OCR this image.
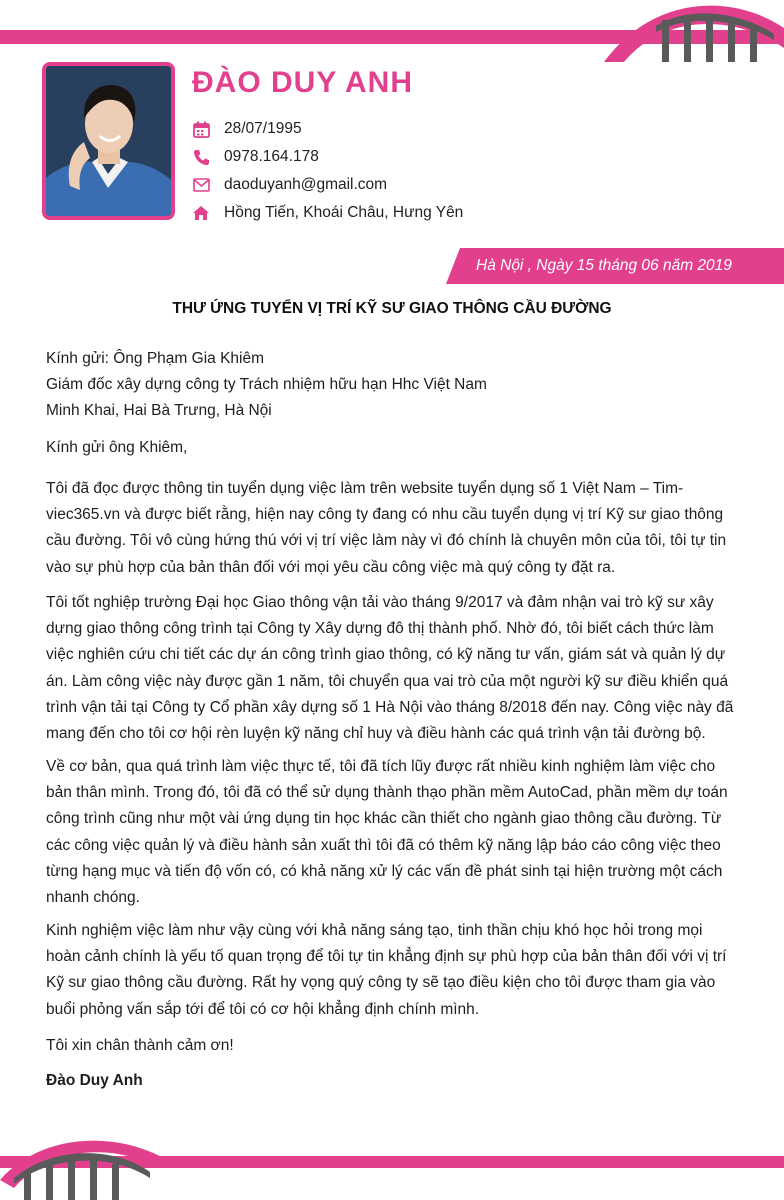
ĐÀO DUY ANH
28/07/1995
0978.164.178
daoduyanh@gmail.com
Hồng Tiến, Khoái Châu, Hưng Yên
Hà Nội , Ngày 15 tháng 06 năm 2019
THƯ ỨNG TUYỂN VỊ TRÍ KỸ SƯ GIAO THÔNG CẦU ĐƯỜNG
Kính gửi: Ông Phạm Gia Khiêm
Giám đốc xây dựng công ty Trách nhiệm hữu hạn Hhc Việt Nam
Minh Khai, Hai Bà Trưng, Hà Nội
Kính gửi ông Khiêm,
Tôi đã đọc được thông tin tuyển dụng việc làm trên website tuyển dụng số 1 Việt Nam – Tim-
viec365.vn và được biết rằng, hiện nay công ty đang có nhu cầu tuyển dụng vị trí Kỹ sư giao thông
cầu đường. Tôi vô cùng hứng thú với vị trí việc làm này vì đó chính là chuyên môn của tôi, tôi tự tin
vào sự phù hợp của bản thân đối với mọi yêu cầu công việc mà quý công ty đặt ra.
Tôi tốt nghiệp trường Đại học Giao thông vận tải vào tháng 9/2017 và đảm nhận vai trò kỹ sư xây
dựng giao thông công trình tại Công ty Xây dựng đô thị thành phố. Nhờ đó, tôi biết cách thức làm
việc nghiên cứu chi tiết các dự án công trình giao thông, có kỹ năng tư vấn, giám sát và quản lý dự
án. Làm công việc này được gần 1 năm, tôi chuyển qua vai trò của một người kỹ sư điều khiển quá
trình vận tải tại Công ty Cổ phần xây dựng số 1 Hà Nội vào tháng 8/2018 đến nay. Công việc này đã
mang đến cho tôi cơ hội rèn luyện kỹ năng chỉ huy và điều hành các quá trình vận tải đường bộ.
Về cơ bản, qua quá trình làm việc thực tế, tôi đã tích lũy được rất nhiều kinh nghiệm làm việc cho
bản thân mình. Trong đó, tôi đã có thể sử dụng thành thạo phần mềm AutoCad, phần mềm dự toán
công trình cũng như một vài ứng dụng tin học khác cần thiết cho ngành giao thông cầu đường. Từ
các công việc quản lý và điều hành sản xuất thì tôi đã có thêm kỹ năng lập báo cáo công việc theo
từng hạng mục và tiến độ vốn có, có khả năng xử lý các vấn đề phát sinh tại hiện trường một cách
nhanh chóng.
Kinh nghiệm việc làm như vậy cùng với khả năng sáng tạo, tinh thần chịu khó học hỏi trong mọi
hoàn cảnh chính là yếu tố quan trọng để tôi tự tin khẳng định sự phù hợp của bản thân đối với vị trí
Kỹ sư giao thông cầu đường. Rất hy vọng quý công ty sẽ tạo điều kiện cho tôi được tham gia vào
buổi phỏng vấn sắp tới để tôi có cơ hội khẳng định chính mình.
Tôi xin chân thành cảm ơn!
Đào Duy Anh
